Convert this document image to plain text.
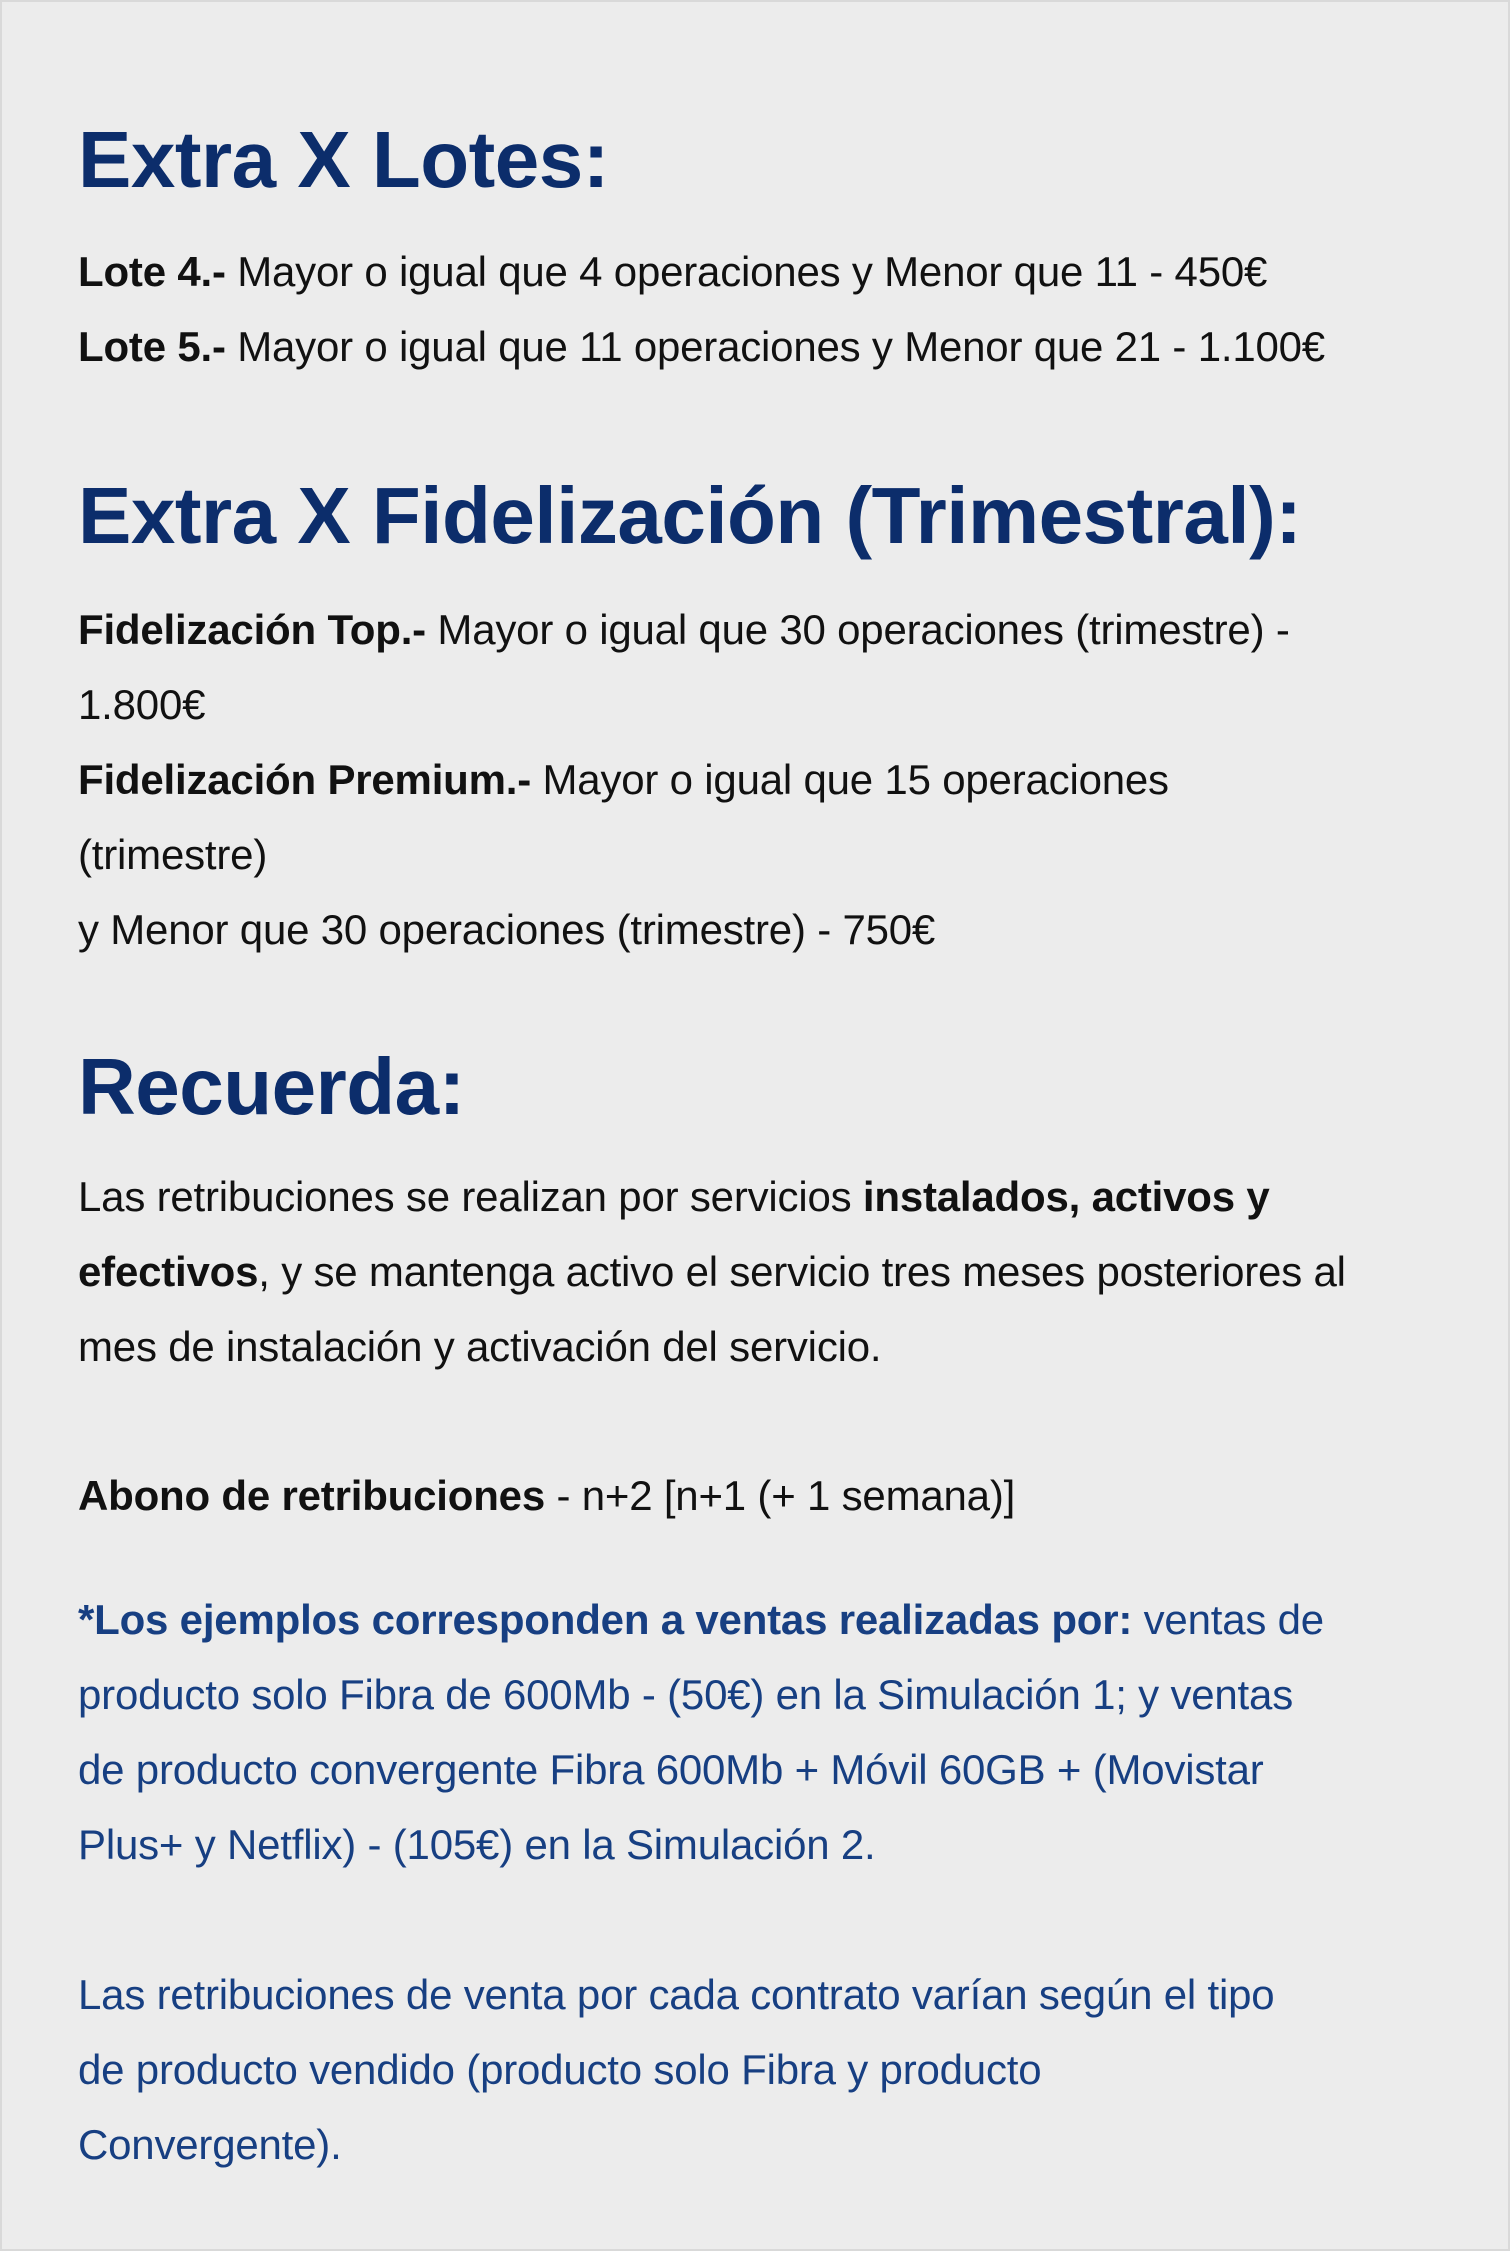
Extra X Lotes:

Lote 4.- Mayor o igual que 4 operaciones y Menor que 11 - 450€

Lote 5.- Mayor o igual que 11 operaciones y Menor que 21 - 1.100€

Extra X Fidelización (Trimestral):

Fidelización Top.- Mayor o igual que 30 operaciones (trimestre) -

1.800€

Fidelización Premium.- Mayor o igual que 15 operaciones

(trimestre)

y Menor que 30 operaciones (trimestre) - 750€

Recuerda:

Las retribuciones se realizan por servicios instalados, activos y

efectivos, y se mantenga activo el servicio tres meses posteriores al

mes de instalación y activación del servicio.

Abono de retribuciones - n+2 [n+1 (+ 1 semana)]

*Los ejemplos corresponden a ventas realizadas por: ventas de

producto solo Fibra de 600Mb - (50€) en la Simulación 1; y ventas

de producto convergente Fibra 600Mb + Móvil 60GB + (Movistar

Plus+ y Netflix) - (105€) en la Simulación 2.

Las retribuciones de venta por cada contrato varían según el tipo

de producto vendido (producto solo Fibra y producto

Convergente).
